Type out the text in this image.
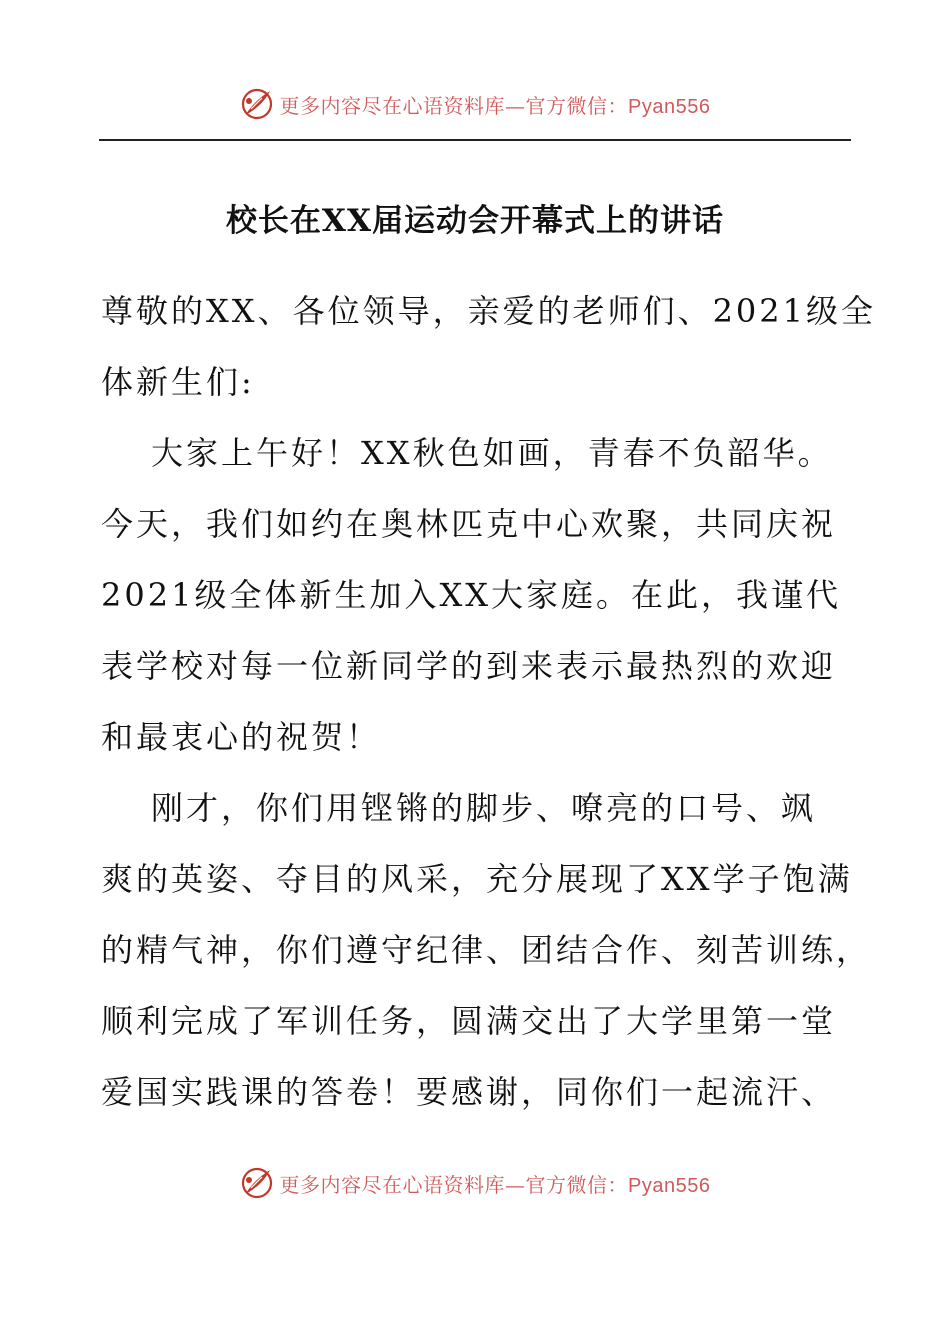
更多内容尽在心语资料库—官方微信：Pyan556
校长在XX届运动会开幕式上的讲话

尊敬的XX、各位领导，亲爱的老师们、2021级全
体新生们:

大家上午好！XX秋色如画，青春不负韶华。
今天，我们如约在奥林匹克中心欢聚，共同庆祝
2021级全体新生加入XX大家庭。在此，我谨代
表学校对每一位新同学的到来表示最热烈的欢迎
和最衷心的祝贺！

刚才，你们用铿锵的脚步、嘹亮的口号、飒
爽的英姿、夺目的风采，充分展现了XX学子饱满
的精气神，你们遵守纪律、团结合作、刻苦训练，
顺利完成了军训任务，圆满交出了大学里第一堂
爱国实践课的答卷！要感谢，同你们一起流汗、

更多内容尽在心语资料库—官方微信：Pyan556
